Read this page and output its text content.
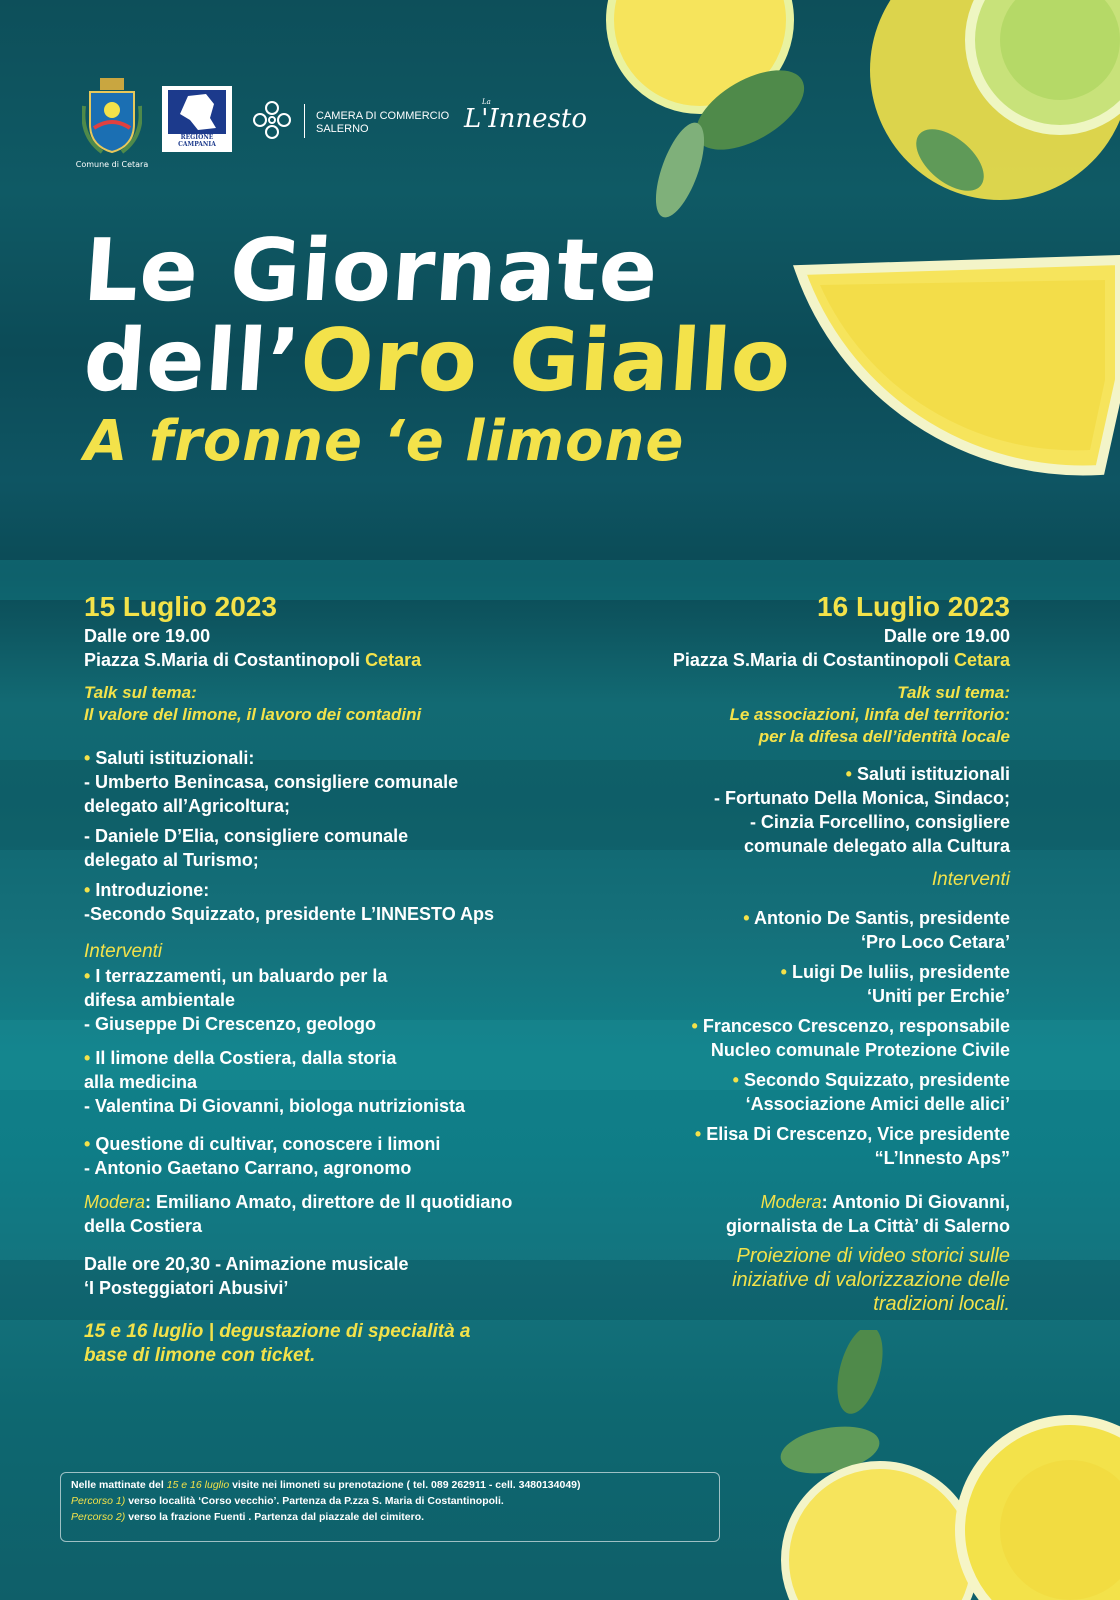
Comune di Cetara
REGIONE CAMPANIA
CAMERA DI COMMERCIO
SALERNO
La
L'Innesto
Le Giornate
dell’Oro Giallo
A fronne ‘e limone
15 Luglio 2023
Dalle ore 19.00
Piazza S.Maria di Costantinopoli Cetara
Talk sul tema:
Il valore del limone, il lavoro dei contadini
• Saluti istituzionali:
- Umberto Benincasa, consigliere comunale
delegato all’Agricoltura;
- Daniele D’Elia, consigliere comunale
delegato al Turismo;
• Introduzione:
-Secondo Squizzato, presidente L’INNESTO Aps
Interventi
• I terrazzamenti, un baluardo per la
difesa ambientale
- Giuseppe Di Crescenzo, geologo
• Il limone della Costiera, dalla storia
alla medicina
- Valentina Di Giovanni, biologa nutrizionista
• Questione di cultivar, conoscere i limoni
- Antonio Gaetano Carrano, agronomo
Modera: Emiliano Amato, direttore de Il quotidiano
della Costiera
Dalle ore 20,30 - Animazione musicale
‘I Posteggiatori Abusivi’
15 e 16 luglio | degustazione di specialità a
base di limone con ticket.
16 Luglio 2023
Dalle ore 19.00
Piazza S.Maria di Costantinopoli Cetara
Talk sul tema:
Le associazioni, linfa del territorio:
per la difesa dell’identità locale
• Saluti istituzionali
- Fortunato Della Monica, Sindaco;
- Cinzia Forcellino, consigliere
comunale delegato alla Cultura
Interventi
• Antonio De Santis, presidente
‘Pro Loco Cetara’
• Luigi De Iuliis, presidente
‘Uniti per Erchie’
• Francesco Crescenzo, responsabile
Nucleo comunale Protezione Civile
• Secondo Squizzato, presidente
‘Associazione Amici delle alici’
• Elisa Di Crescenzo, Vice presidente
“L’Innesto Aps”
Modera: Antonio Di Giovanni,
giornalista de La Città’ di Salerno
Proiezione di video storici sulle
iniziative di valorizzazione delle
tradizioni locali.
Nelle mattinate del 15 e 16 luglio visite nei limoneti su prenotazione ( tel. 089 262911 - cell. 3480134049)
Percorso 1) verso località ‘Corso vecchio’. Partenza da P.zza S. Maria di Costantinopoli.
Percorso 2) verso la frazione Fuenti . Partenza dal piazzale del cimitero.
